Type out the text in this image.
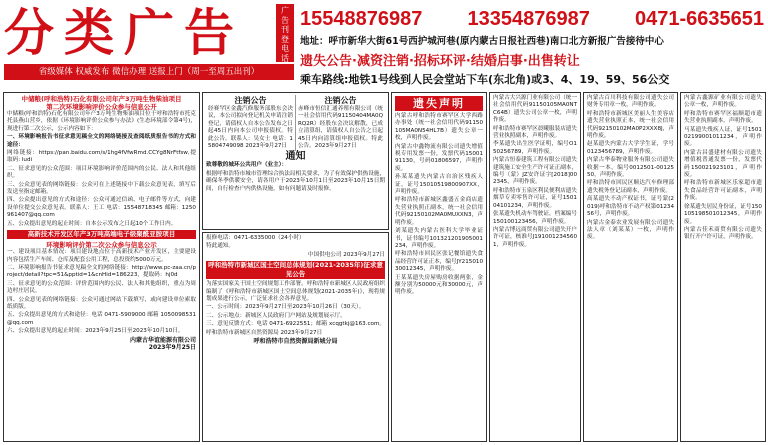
分类广告	广
告
刊
登
电
话
省级媒体 权威发布 微信办理 送报上门（周一至周五出刊）
15548876987 13354876987 0471-6635651
地址：呼市新华大街61号西护城河巷(原内蒙古日报社西巷)南口北方新报广告接待中心
遗失公告·减资注销·招标环评·结婚启事·出售转让
乘车路线:地铁1号线到人民会堂站下车(东北角)或3、4、19、59、56公交
中储粮(呼和浩特)石化有限公司年产3万吨生物柴油项目
第二次环境影响评价公众参与信息公开

中储粮(呼和浩特)石化有限公司年产3万吨生物柴油项目位于呼和浩特市托克托县燕山营乡，依据《环境影响评价公众参与办法》(生态环境部令第4号)，现进行第二次公示，公示内容如下：

一、环境影响报告书征求意见稿全文的网络链接及查阅纸质报告书的方式和途径：

网络链接：https://pan.baidu.com/s/1hg4fVfwRmd.CCYg8NrFtfsw,提取码: ludi

二、征求意见的公众范围：项目环境影响评价范围内的公民、法人和其他组织。

三、公众意见表的网络链接：公众可在上述链接中下载公众意见表，填写后发送至指定邮箱。

四、公众提出意见的方式和途径：公众可通过信函、电子邮件等方式，向建设单位提交公众意见表。联系人：王工 电话：15548718345 邮箱：1250961407@qq.com

五、公众提出意见的起止时间：自本公示发布之日起10个工作日内。

高新技术开发区年产3万吨高端电子级聚酰亚胺项目
环境影响评价第二次公众参与信息公示

一、建设项目基本情况：项目建设地点位于高新技术产业开发区，主要建设内容包括生产车间、仓库及配套公用工程，总投资约5000万元。

二、环境影响报告书征求意见稿全文的网络链接：http://www.pc-zaa.cn/project/detail?tpc=51&pptid=1&cnHid=186223，提取码：hj0d

三、征求意见的公众范围：评价范围内的公民、法人和其他组织，重点为周边村庄居民。

四、公众意见表的网络链接：公众可通过网站下载填写，或向建设单位索取纸质版。

五、公众提出意见的方式和途径：电话 0471-5909000 邮箱 1050098531@qq.com

六、公众提出意见的起止时间：2023年9月25日至2023年10月10日。

内蒙古华谊能源有限公司
2023年9月25日
注销公告

经赛罕区金鑫汽修服务部股东会决议，本公司拟向登记机关申请注销登记，请债权人自本公告发布之日起45日内向本公司申报债权。特此公告。联系人：吴女士 电话：15804749098 2023年9月27日

注销公告

赤峰市恒信汇通养殖有限公司（统一社会信用代码91150404MA0QRQ2R）经股东会决议解散，已成立清算组，请债权人自公告之日起45日内向清算组申报债权。特此公告。2023年9月27日

通知

致尊敬的城环公共用户（业主）：

根据呼和浩特市城市管理综合执法局相关要求，为了有效保护供热设施，确保冬季供暖安全，请各用户于2023年10月1日至2023年10月15日期间，自行检查户内供热设施，如有问题请及时报修。

报修电话：0471-6335000（24小时）

特此通知。

中国供电公司 2023年9月27日

呼和浩特市新城区国土空间总体规划(2021-2035年)征求意见公告

为落实国家关于国土空间规划工作部署，呼和浩特市新城区人民政府组织编制了《呼和浩特市新城区国土空间总体规划(2021-2035年)》，现将规划成果进行公示，广泛征求社会各界意见。

一、公示时间：2023年9月27日至2023年10月26日（30天）。

二、公示地点：新城区人民政府门户网站及规划展示厅。

三、意见反馈方式：电话 0471-6922551；邮箱 xcqgtkj@163.com。

呼和浩特市新城区自然资源局 2023年9月27日

呼和浩特市自然资源局新城分局
遗失声明

内蒙古呼和浩特市赛罕区大学西路办事处（统一社会信用代码91150105MA0N54HL7B）遗失公章一枚，声明作废。

内蒙古中鑫物流有限公司遗失增值税专用发票一份，发票代码1500191130，号码01806597，声明作废。

孙某某遗失内蒙古自治区残疾人证，证号15010519800907XX，声明作废。

呼和浩特市新城区鑫盛五金商店遗失营业执照正副本，统一社会信用代码92150102MA0MUXXN3，声明作废。

刘某遗失内蒙古医科大学毕业证书，证书编号101321201905001234，声明作废。

呼和浩特市回民区张记餐馆遗失食品经营许可证正本，编号JY21501030012345，声明作废。

王某某遗失房屋购房收据两张，金额分别为50000元和30000元，声明作废。

内蒙古大兴源门业有限公司（统一社会信用代码91150105MA0NTC64B）遗失公司公章一枚，声明作废。

呼和浩特市赛罕区晨曦服装店遗失营业执照副本，声明作废。

李某遗失出生医学证明，编号O150256789，声明作废。

内蒙古恒泰建筑工程有限公司遗失建筑施工安全生产许可证正副本，编号（蒙）JZ安许证字[2018]002345，声明作废。

呼和浩特市玉泉区利民便利店遗失烟草专卖零售许可证，证号150104101234，声明作废。

张某遗失机动车驾驶证，档案编号150100123456，声明作废。

内蒙古博远商贸有限公司遗失开户许可证，核准号J1910012345601，声明作废。

内蒙古百川科技有限公司遗失公司财务专用章一枚，声明作废。

呼和浩特市新城区美丽人生美容店遗失营业执照正本，统一社会信用代码92150102MA0P2XXX8J，声明作废。

赵某遗失内蒙古大学学生证，学号0123456789，声明作废。

内蒙古华泰物业服务有限公司遗失收据一本，编号0012501-0012550，声明作废。

呼和浩特市回民区顺达汽车修理部遗失税务登记证副本，声明作废。

高某遗失不动产权证书，证号蒙(2019)呼和浩特市不动产权第0123456号，声明作废。

内蒙古金泰农业发展有限公司遗失法人章（刘某某）一枚，声明作废。

内蒙古鑫源矿业有限公司遗失公章一枚，声明作废。

呼和浩特市赛罕区福顺超市遗失营业执照副本，声明作废。

马某遗失残疾人证，证号150102199001011234，声明作废。

内蒙古昌盛建材有限公司遗失增值税普通发票一份，发票代码150021923101，声明作废。

呼和浩特市新城区乐家超市遗失食品经营许可证副本，声明作废。

徐某遗失居民身份证，证号150105198501012345，声明作废。

内蒙古佳禾商贸有限公司遗失银行开户许可证，声明作废。
